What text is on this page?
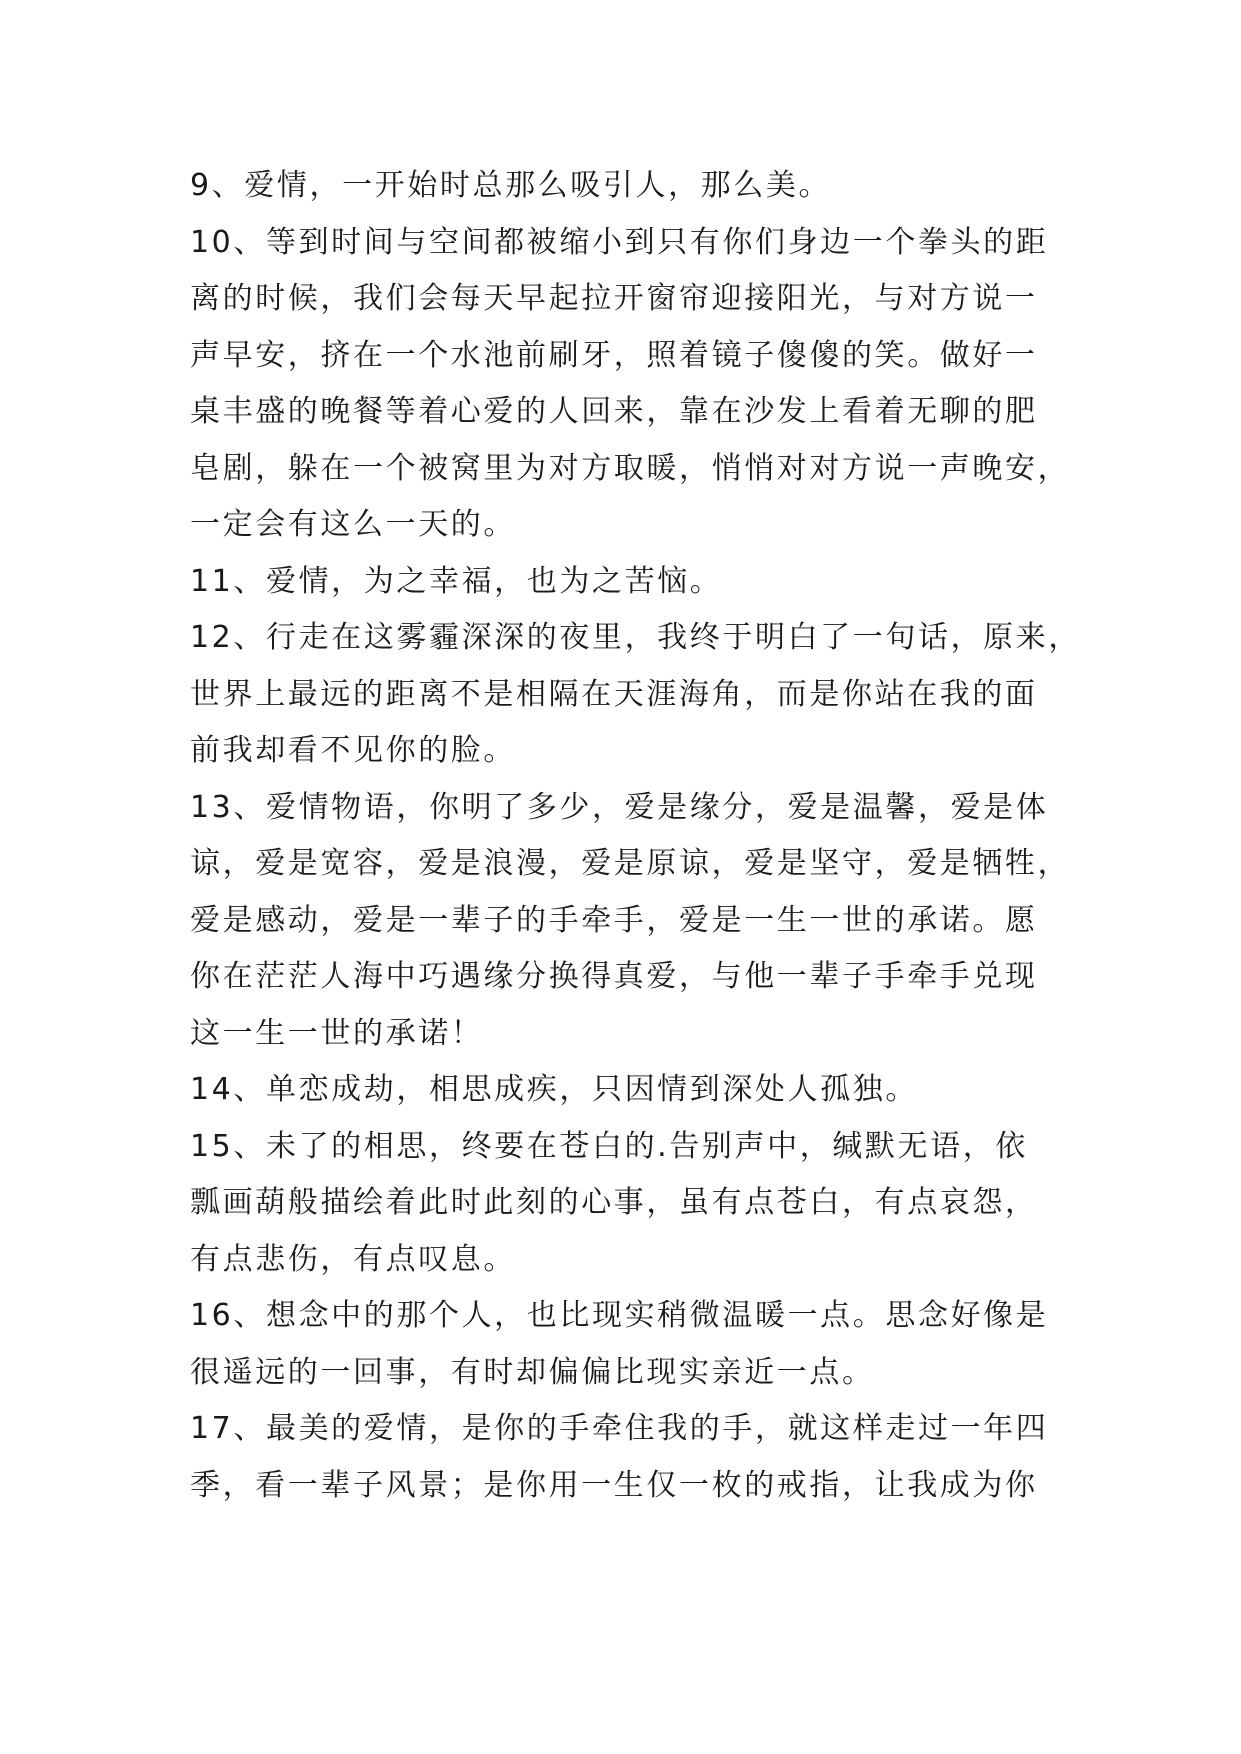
9、爱情，一开始时总那么吸引人，那么美。
10、等到时间与空间都被缩小到只有你们身边一个拳头的距
离的时候，我们会每天早起拉开窗帘迎接阳光，与对方说一
声早安，挤在一个水池前刷牙，照着镜子傻傻的笑。做好一
桌丰盛的晚餐等着心爱的人回来，靠在沙发上看着无聊的肥
皂剧，躲在一个被窝里为对方取暖，悄悄对对方说一声晚安，
一定会有这么一天的。
11、爱情，为之幸福，也为之苦恼。
12、行走在这雾霾深深的夜里，我终于明白了一句话，原来，
世界上最远的距离不是相隔在天涯海角，而是你站在我的面
前我却看不见你的脸。
13、爱情物语，你明了多少，爱是缘分，爱是温馨，爱是体
谅，爱是宽容，爱是浪漫，爱是原谅，爱是坚守，爱是牺牲，
爱是感动，爱是一辈子的手牵手，爱是一生一世的承诺。愿
你在茫茫人海中巧遇缘分换得真爱，与他一辈子手牵手兑现
这一生一世的承诺！
14、单恋成劫，相思成疾，只因情到深处人孤独。
15、未了的相思，终要在苍白的.告别声中，缄默无语，依
瓢画葫般描绘着此时此刻的心事，虽有点苍白，有点哀怨，
有点悲伤，有点叹息。
16、想念中的那个人，也比现实稍微温暖一点。思念好像是
很遥远的一回事，有时却偏偏比现实亲近一点。
17、最美的爱情，是你的手牵住我的手，就这样走过一年四
季，看一辈子风景；是你用一生仅一枚的戒指，让我成为你
